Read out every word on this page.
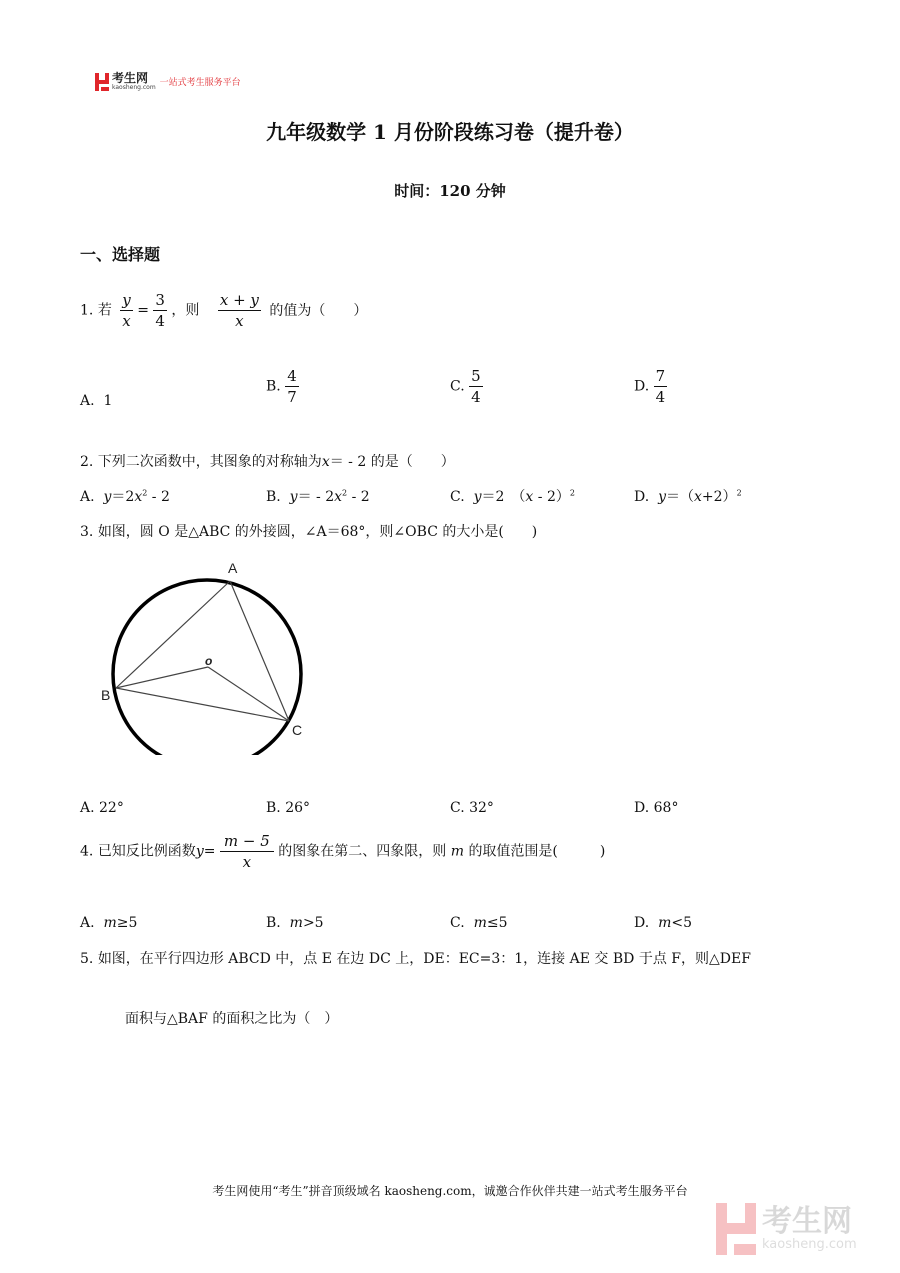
考生网
kaosheng.com 一站式考生服务平台
九年级数学 1 月份阶段练习卷（提升卷）
时间：120 分钟
一、选择题
1. 若 $\frac{y}{x} = \frac{3}{4}$ ，则 $\frac{x + y}{x}$ 的值为（　　）
A. 1
B. $\frac{4}{7}$	C. $\frac{5}{4}$	D. $\frac{7}{4}$
2. 下列二次函数中，其图象的对称轴为x＝ - 2 的是（　　）
A. $y=2x^2 - 2$	B. $y= - 2x^2 - 2$	C. y＝2　（x - 2）$^2$	D. $y=(x+2)^2$
3. 如图，圆 O 是△ABC 的外接圆，∠A＝68°，则∠OBC 的大小是(　　)
A
B
C
o
A. 22°	B. 26°	C. 32°	D. 68°
4. 已知反比例函数$y= \frac{m - 5}{x}$ 的图象在第二、四象限，则 m 的取值范围是(　　　)
A. m≥5	B. m>5	C. m≤5	D. m<5
5. 如图，在平行四边形 ABCD 中，点 E 在边 DC 上，DE：EC=3：1，连接 AE 交 BD 于点 F，则△DEF
面积与△BAF 的面积之比为（　）
考生网使用“考生”拼音顶级域名 kaosheng.com，诚邀合作伙伴共建一站式考生服务平台
考生网
kaosheng.com
